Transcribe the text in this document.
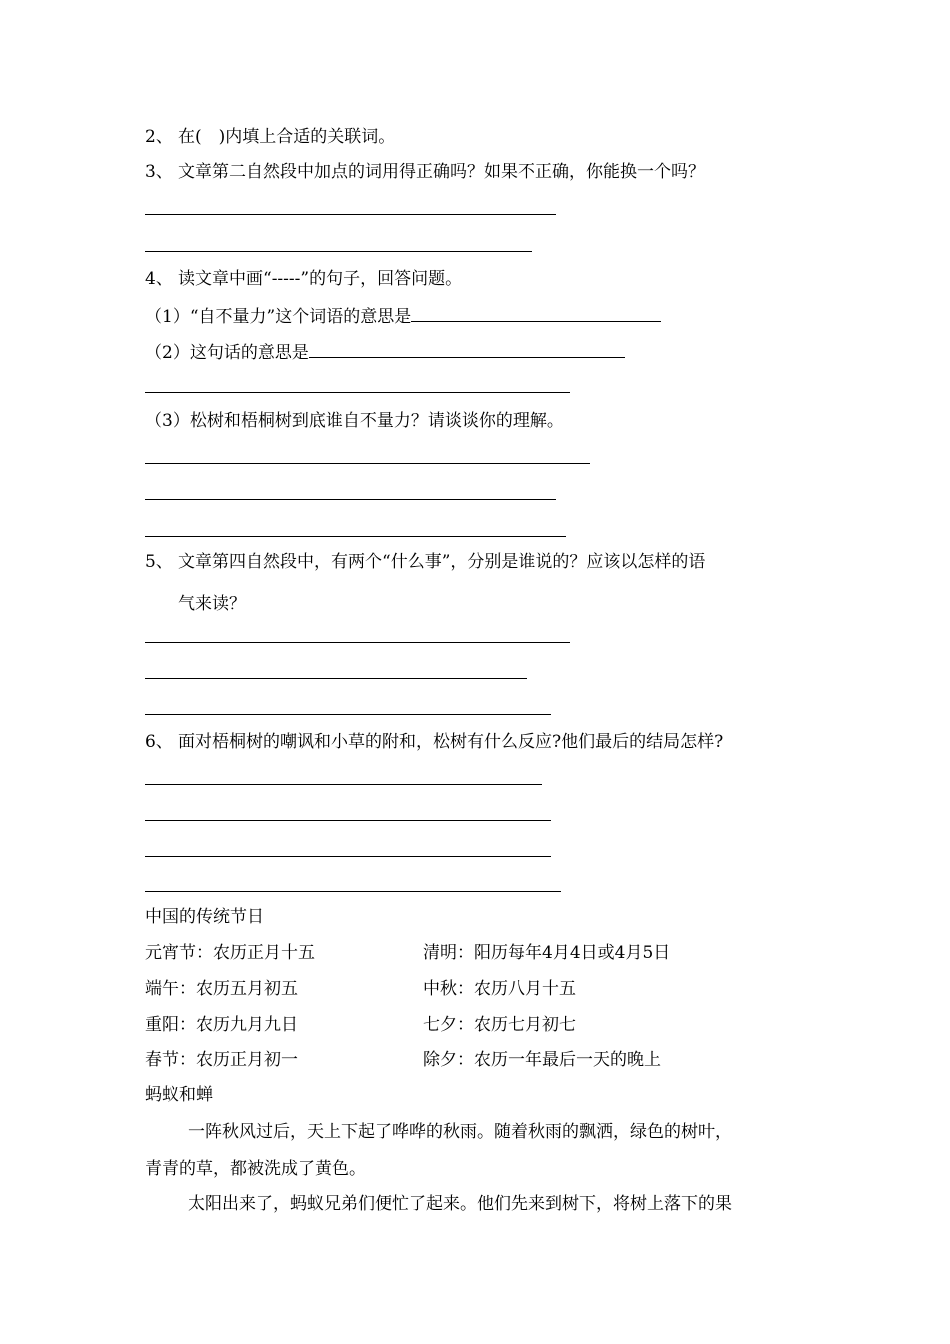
2、 在(　)内填上合适的关联词。
3、 文章第二自然段中加点的词用得正确吗？如果不正确，你能换一个吗？
4、 读文章中画“-----”的句子，回答问题。
（1）“自不量力”这个词语的意思是
（2）这句话的意思是
（3）松树和梧桐树到底谁自不量力？请谈谈你的理解。
5、 文章第四自然段中，有两个“什么事”，分别是谁说的？应该以怎样的语
气来读？
6、 面对梧桐树的嘲讽和小草的附和，松树有什么反应?他们最后的结局怎样?
中国的传统节日
元宵节：农历正月十五	清明：阳历每年4月4日或4月5日
端午：农历五月初五	中秋：农历八月十五
重阳：农历九月九日	七夕：农历七月初七
春节：农历正月初一	除夕：农历一年最后一天的晚上
蚂蚁和蝉
一阵秋风过后，天上下起了哗哗的秋雨。随着秋雨的飘洒，绿色的树叶，
青青的草，都被洗成了黄色。
太阳出来了，蚂蚁兄弟们便忙了起来。他们先来到树下，将树上落下的果
